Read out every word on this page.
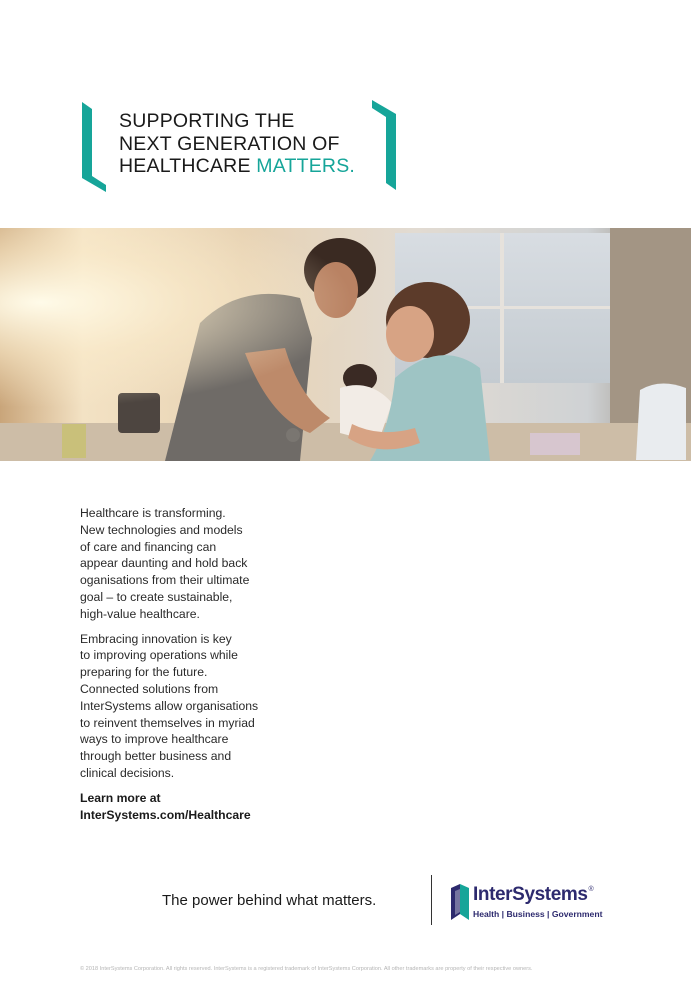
SUPPORTING THE
NEXT GENERATION OF
HEALTHCARE MATTERS.

Healthcare is transforming.
New technologies and models
of care and financing can
appear daunting and hold back
oganisations from their ultimate
goal – to create sustainable,
high-value healthcare.

Embracing innovation is key
to improving operations while
preparing for the future.
Connected solutions from
InterSystems allow organisations
to reinvent themselves in myriad
ways to improve healthcare
through better business and
clinical decisions.

Learn more at
InterSystems.com/Healthcare

The power behind what matters.	InterSystems®
Health | Business | Government

© 2018 InterSystems Corporation. All rights reserved. InterSystems is a registered trademark of InterSystems Corporation. All other trademarks are property of their respective owners.
